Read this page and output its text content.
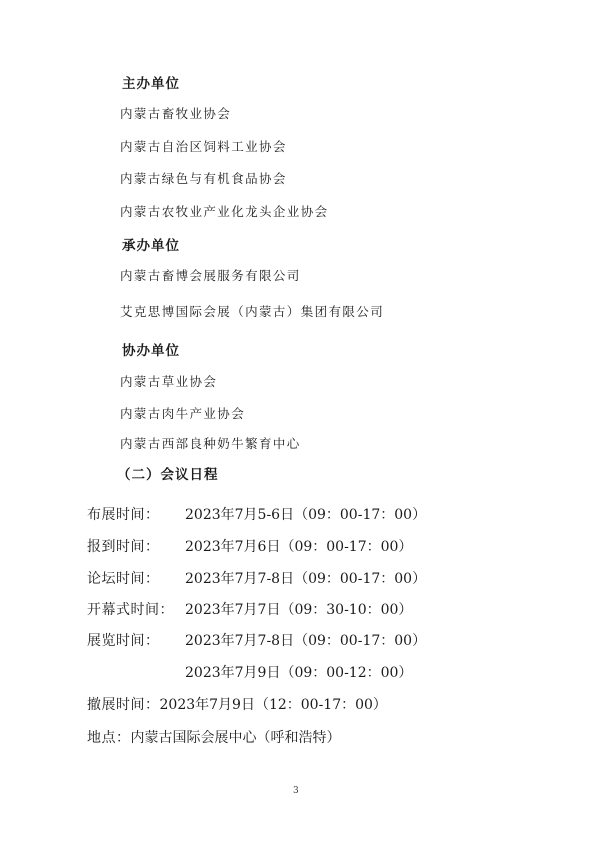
主办单位
内蒙古畜牧业协会
内蒙古自治区饲料工业协会
内蒙古绿色与有机食品协会
内蒙古农牧业产业化龙头企业协会
承办单位
内蒙古畜博会展服务有限公司
艾克思博国际会展（内蒙古）集团有限公司
协办单位
内蒙古草业协会
内蒙古肉牛产业协会
内蒙古西部良种奶牛繁育中心
（二）会议日程
布展时间： 2023年7月5-6日（09：00-17：00）
报到时间： 2023年7月6日（09：00-17：00）
论坛时间： 2023年7月7-8日（09：00-17：00）
开幕式时间： 2023年7月7日（09：30-10：00）
展览时间： 2023年7月7-8日（09：00-17：00）
2023年7月9日（09：00-12：00）
撤展时间：2023年7月9日（12：00-17：00）
地点：内蒙古国际会展中心（呼和浩特）
3
